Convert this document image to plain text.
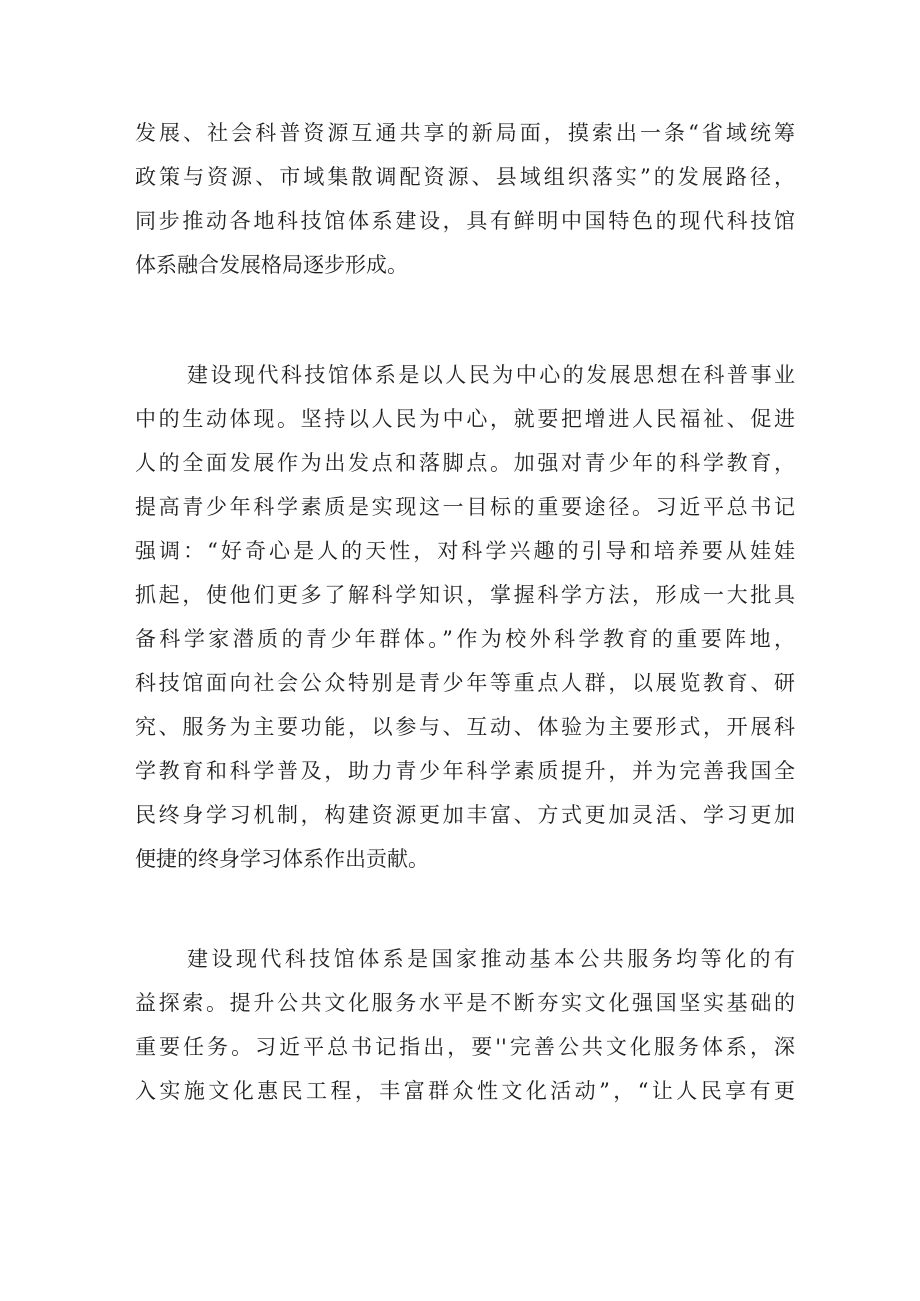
发展、社会科普资源互通共享的新局面，摸索出一条“省域统筹
政策与资源、市域集散调配资源、县域组织落实”的发展路径，
同步推动各地科技馆体系建设，具有鲜明中国特色的现代科技馆
体系融合发展格局逐步形成。
建设现代科技馆体系是以人民为中心的发展思想在科普事业
中的生动体现。坚持以人民为中心，就要把增进人民福祉、促进
人的全面发展作为出发点和落脚点。加强对青少年的科学教育，
提高青少年科学素质是实现这一目标的重要途径。习近平总书记
强调：“好奇心是人的天性，对科学兴趣的引导和培养要从娃娃
抓起，使他们更多了解科学知识，掌握科学方法，形成一大批具
备科学家潜质的青少年群体。”作为校外科学教育的重要阵地，
科技馆面向社会公众特别是青少年等重点人群，以展览教育、研
究、服务为主要功能，以参与、互动、体验为主要形式，开展科
学教育和科学普及，助力青少年科学素质提升，并为完善我国全
民终身学习机制，构建资源更加丰富、方式更加灵活、学习更加
便捷的终身学习体系作出贡献。
建设现代科技馆体系是国家推动基本公共服务均等化的有
益探索。提升公共文化服务水平是不断夯实文化强国坚实基础的
重要任务。习近平总书记指出，要''完善公共文化服务体系，深
入实施文化惠民工程，丰富群众性文化活动”，“让人民享有更
